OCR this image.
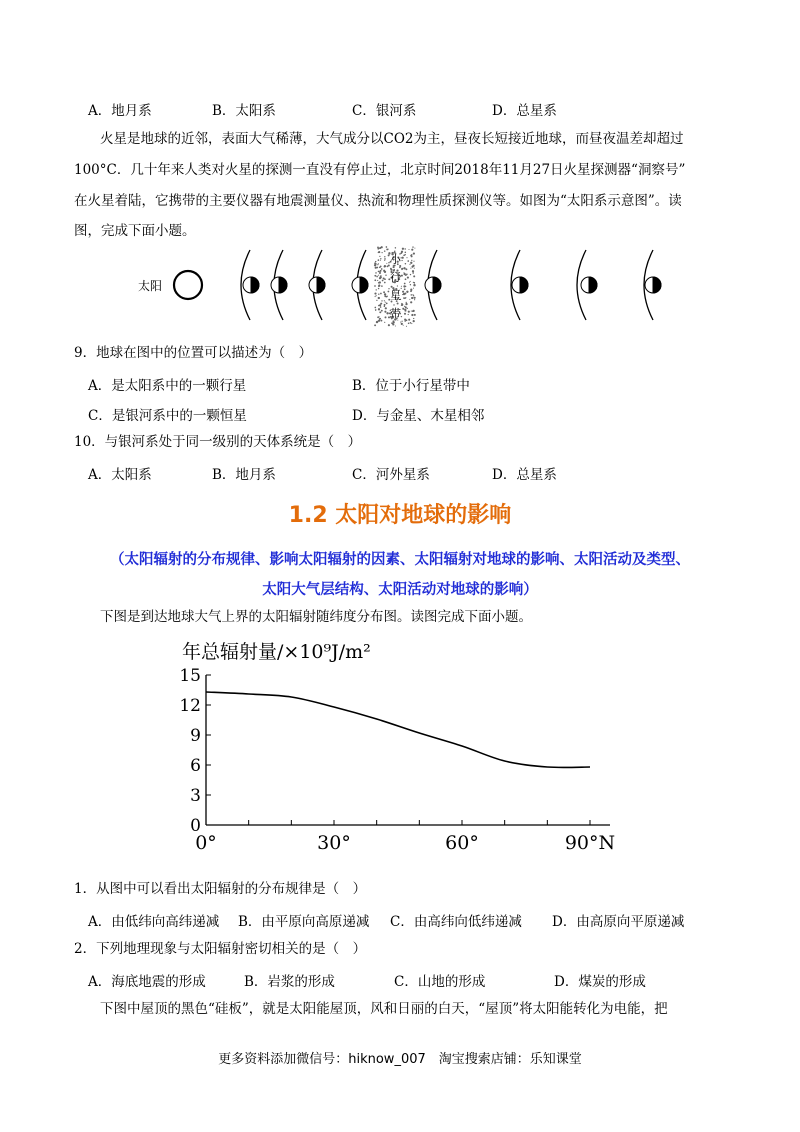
A．地月系	B．太阳系	C．银河系	D．总星系
火星是地球的近邻，表面大气稀薄，大气成分以CO2为主，昼夜长短接近地球，而昼夜温差却超过
100°C．几十年来人类对火星的探测一直没有停止过，北京时间2018年11月27日火星探测器“洞察号”
在火星着陆，它携带的主要仪器有地震测量仪、热流和物理性质探测仪等。如图为“太阳系示意图”。读
图，完成下面小题。
太阳
小
行
星
带
9．地球在图中的位置可以描述为（　）
A．是太阳系中的一颗行星	B．位于小行星带中
C．是银河系中的一颗恒星	D．与金星、木星相邻
10．与银河系处于同一级别的天体系统是（　）
A．太阳系	B．地月系	C．河外星系	D．总星系
1.2 太阳对地球的影响
（太阳辐射的分布规律、影响太阳辐射的因素、太阳辐射对地球的影响、太阳活动及类型、
太阳大气层结构、太阳活动对地球的影响）
下图是到达地球大气上界的太阳辐射随纬度分布图。读图完成下面小题。
年总辐射量/×10⁹J/m²
15
12
9
6
3
0
0°	30°	60°	90°N
1．从图中可以看出太阳辐射的分布规律是（　）
A．由低纬向高纬递减 B．由平原向高原递减 C．由高纬向低纬递减 D．由高原向平原递减
2．下列地理现象与太阳辐射密切相关的是（　）
A．海底地震的形成	B．岩浆的形成	C．山地的形成	D．煤炭的形成
下图中屋顶的黑色“硅板”，就是太阳能屋顶，风和日丽的白天，“屋顶”将太阳能转化为电能，把
更多资料添加微信号：hiknow_007　淘宝搜索店铺：乐知课堂
